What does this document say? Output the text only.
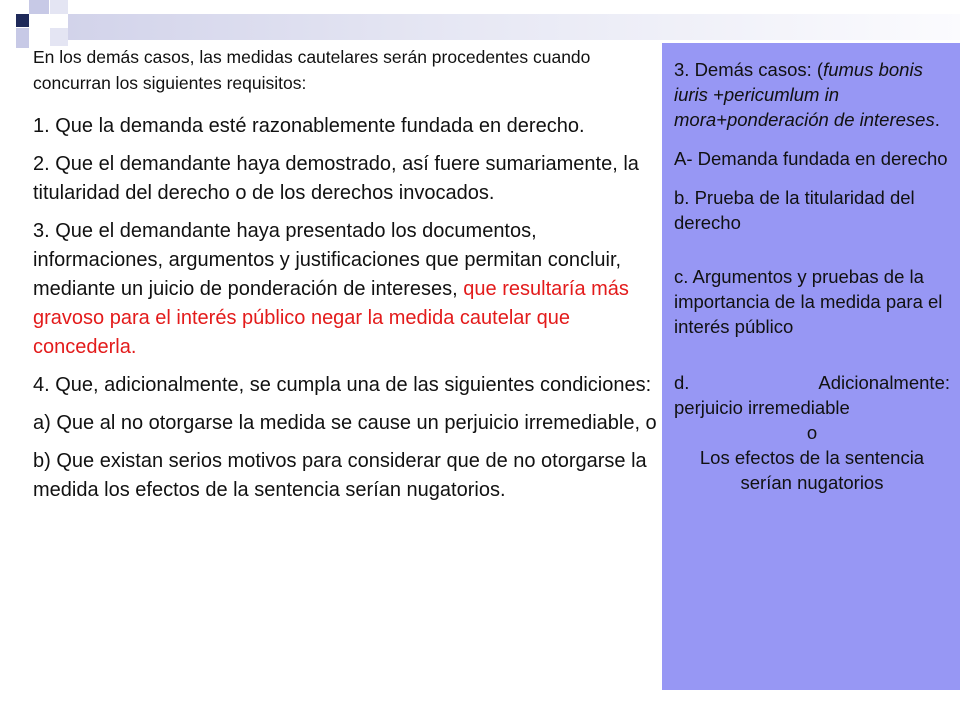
En los demás casos, las medidas cautelares serán procedentes cuando concurran los siguientes requisitos:

1. Que la demanda esté razonablemente fundada en derecho.

2. Que el demandante haya demostrado, así fuere sumariamente, la titularidad del derecho o de los derechos invocados.

3. Que el demandante haya presentado los documentos, informaciones, argumentos y justificaciones que permitan concluir, mediante un juicio de ponderación de intereses, que resultaría más gravoso para el interés público negar la medida cautelar que concederla.

4. Que, adicionalmente, se cumpla una de las siguientes condiciones:

a) Que al no otorgarse la medida se cause un perjuicio irremediable, o

b) Que existan serios motivos para considerar que de no otorgarse la medida los efectos de la sentencia serían nugatorios.

3. Demás casos: (fumus bonis iuris +pericumlum in mora+ponderación de intereses.

A- Demanda fundada en derecho

b. Prueba de la titularidad del derecho

c. Argumentos y pruebas de la importancia de la medida para el interés público

d.	Adicionalmente:

perjuicio irremediable

o

Los efectos de la sentencia serían nugatorios
